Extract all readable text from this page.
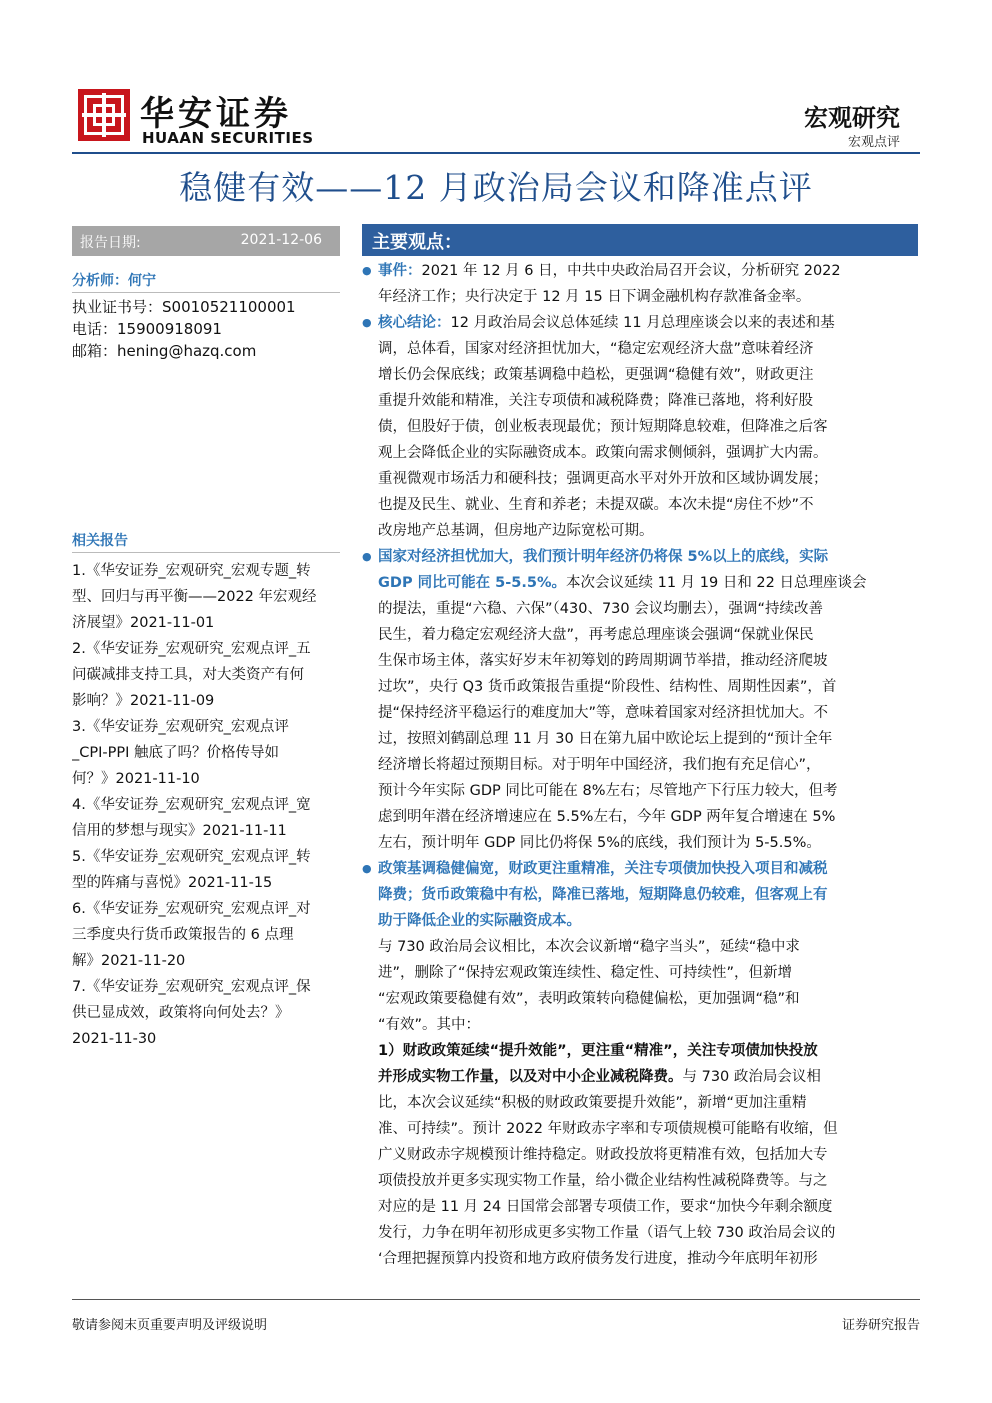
华安证券
HUAAN SECURITIES
宏观研究
宏观点评
稳健有效——12 月政治局会议和降准点评
报告日期:	2021-12-06
分析师：何宁
执业证书号：S0010521100001
电话：15900918091
邮箱：hening@hazq.com
相关报告
1.《华安证券_宏观研究_宏观专题_转
型、回归与再平衡——2022 年宏观经
济展望》2021-11-01
2.《华安证券_宏观研究_宏观点评_五
问碳减排支持工具，对大类资产有何
影响？》2021-11-09
3.《华安证券_宏观研究_宏观点评
_CPI-PPI 触底了吗？价格传导如
何？》2021-11-10
4.《华安证券_宏观研究_宏观点评_宽
信用的梦想与现实》2021-11-11
5.《华安证券_宏观研究_宏观点评_转
型的阵痛与喜悦》2021-11-15
6.《华安证券_宏观研究_宏观点评_对
三季度央行货币政策报告的 6 点理
解》2021-11-20
7.《华安证券_宏观研究_宏观点评_保
供已显成效，政策将向何处去？》
2021-11-30
主要观点：
● 事件：2021 年 12 月 6 日，中共中央政治局召开会议，分析研究 2022
年经济工作；央行决定于 12 月 15 日下调金融机构存款准备金率。
● 核心结论：12 月政治局会议总体延续 11 月总理座谈会以来的表述和基
调，总体看，国家对经济担忧加大，“稳定宏观经济大盘”意味着经济
增长仍会保底线；政策基调稳中趋松，更强调“稳健有效”，财政更注
重提升效能和精准，关注专项债和减税降费；降准已落地，将利好股
债，但股好于债，创业板表现最优；预计短期降息较难，但降准之后客
观上会降低企业的实际融资成本。政策向需求侧倾斜，强调扩大内需。
重视微观市场活力和硬科技；强调更高水平对外开放和区域协调发展；
也提及民生、就业、生育和养老；未提双碳。本次未提“房住不炒”不
改房地产总基调，但房地产边际宽松可期。
● 国家对经济担忧加大，我们预计明年经济仍将保 5%以上的底线，实际
GDP 同比可能在 5-5.5%。本次会议延续 11 月 19 日和 22 日总理座谈会
的提法，重提“六稳、六保”（430、730 会议均删去），强调“持续改善
民生，着力稳定宏观经济大盘”，再考虑总理座谈会强调“保就业保民
生保市场主体，落实好岁末年初筹划的跨周期调节举措，推动经济爬坡
过坎”，央行 Q3 货币政策报告重提“阶段性、结构性、周期性因素”，首
提“保持经济平稳运行的难度加大”等，意味着国家对经济担忧加大。不
过，按照刘鹤副总理 11 月 30 日在第九届中欧论坛上提到的“预计全年
经济增长将超过预期目标。对于明年中国经济，我们抱有充足信心”，
预计今年实际 GDP 同比可能在 8%左右；尽管地产下行压力较大，但考
虑到明年潜在经济增速应在 5.5%左右，今年 GDP 两年复合增速在 5%
左右，预计明年 GDP 同比仍将保 5%的底线，我们预计为 5-5.5%。
● 政策基调稳健偏宽，财政更注重精准，关注专项债加快投入项目和减税
降费；货币政策稳中有松，降准已落地，短期降息仍较难，但客观上有
助于降低企业的实际融资成本。
与 730 政治局会议相比，本次会议新增“稳字当头”，延续“稳中求
进”，删除了“保持宏观政策连续性、稳定性、可持续性”，但新增
“宏观政策要稳健有效”，表明政策转向稳健偏松，更加强调“稳”和
“有效”。其中：
1）财政政策延续“提升效能”，更注重“精准”，关注专项债加快投放
并形成实物工作量，以及对中小企业减税降费。与 730 政治局会议相
比，本次会议延续“积极的财政政策要提升效能”，新增“更加注重精
准、可持续”。预计 2022 年财政赤字率和专项债规模可能略有收缩，但
广义财政赤字规模预计维持稳定。财政投放将更精准有效，包括加大专
项债投放并更多实现实物工作量，给小微企业结构性减税降费等。与之
对应的是 11 月 24 日国常会部署专项债工作，要求“加快今年剩余额度
发行，力争在明年初形成更多实物工作量（语气上较 730 政治局会议的
‘合理把握预算内投资和地方政府债务发行进度，推动今年底明年初形
敬请参阅末页重要声明及评级说明	证券研究报告
